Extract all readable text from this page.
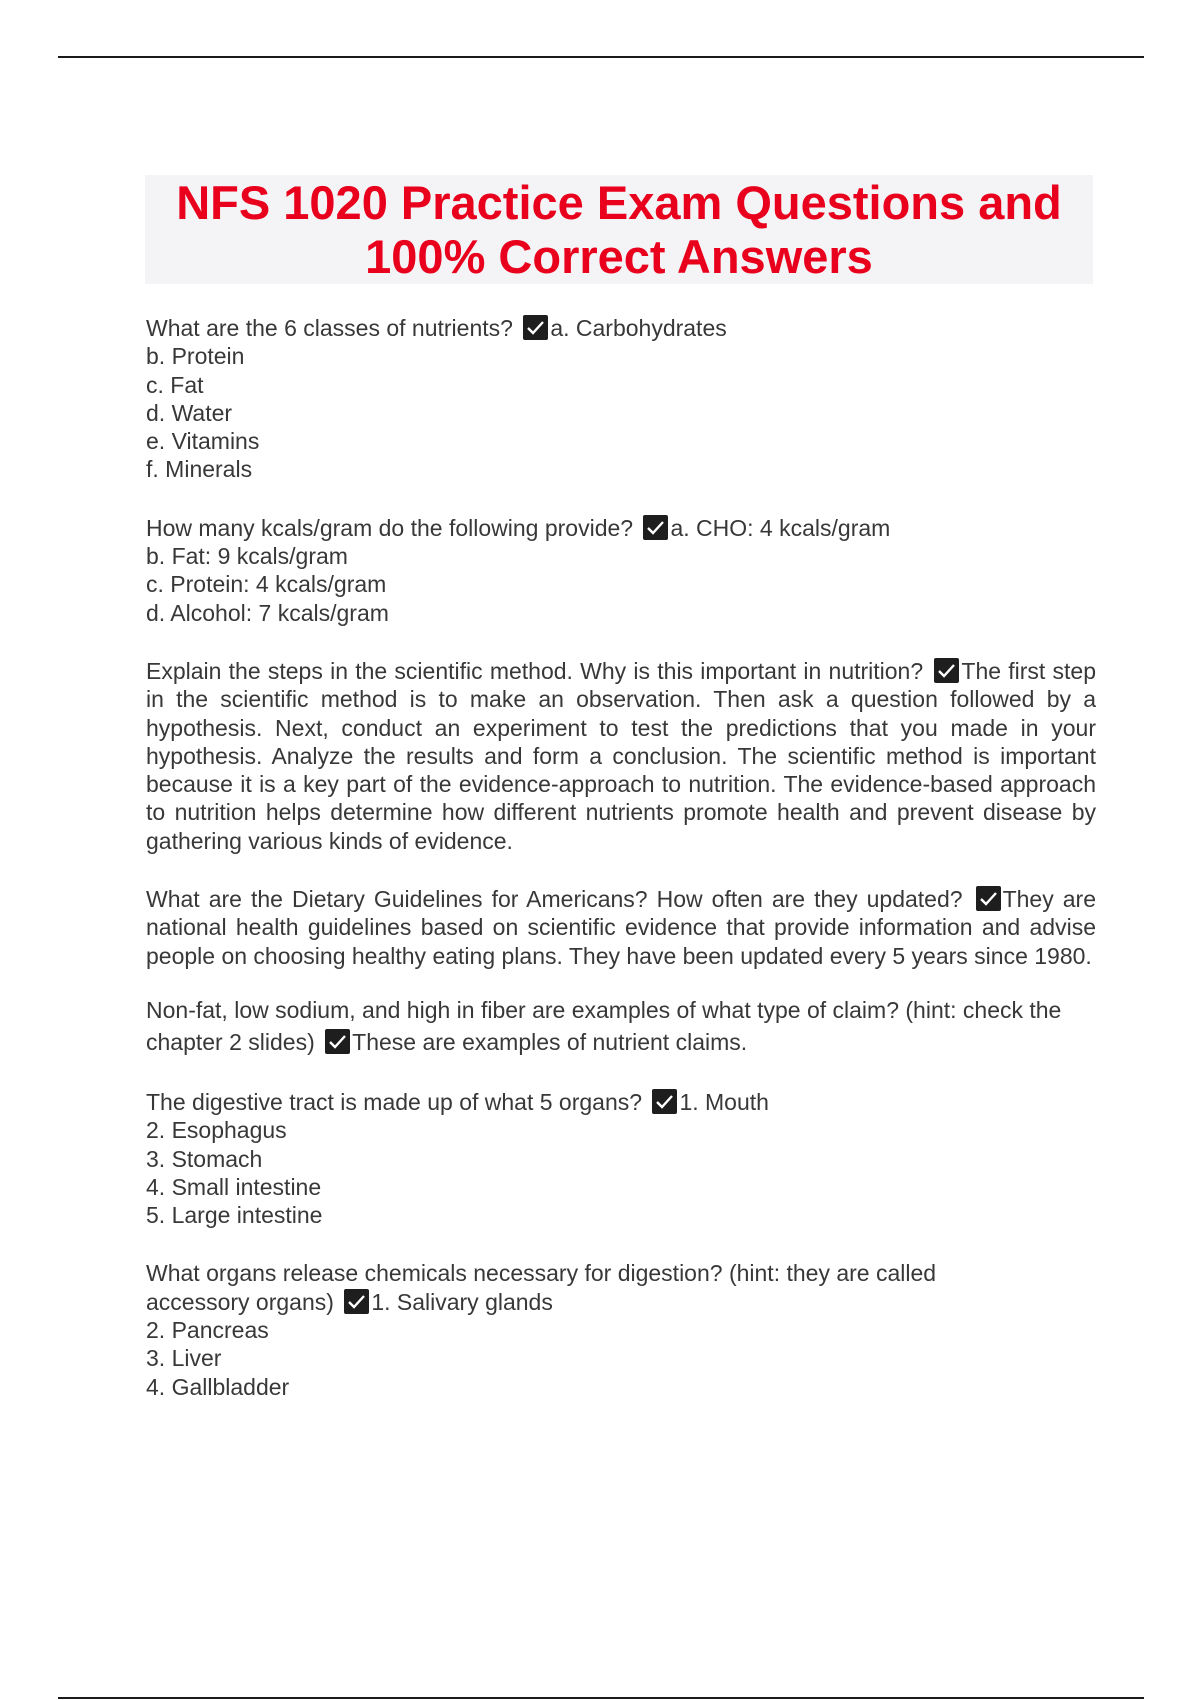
NFS 1020 Practice Exam Questions and
100% Correct Answers

What are the 6 classes of nutrients? a. Carbohydrates

b. Protein

c. Fat

d. Water

e. Vitamins

f. Minerals

How many kcals/gram do the following provide? a. CHO: 4 kcals/gram

b. Fat: 9 kcals/gram

c. Protein: 4 kcals/gram

d. Alcohol: 7 kcals/gram

Explain the steps in the scientific method. Why is this important in nutrition? The first step in the scientific method is to make an observation. Then ask a question followed by a hypothesis. Next, conduct an experiment to test the predictions that you made in your hypothesis. Analyze the results and form a conclusion. The scientific method is important because it is a key part of the evidence-approach to nutrition. The evidence-based approach to nutrition helps determine how different nutrients promote health and prevent disease by gathering various kinds of evidence.

What are the Dietary Guidelines for Americans? How often are they updated? They are national health guidelines based on scientific evidence that provide information and advise people on choosing healthy eating plans. They have been updated every 5 years since 1980.

Non-fat, low sodium, and high in fiber are examples of what type of claim? (hint: check the chapter 2 slides) These are examples of nutrient claims.

The digestive tract is made up of what 5 organs? 1. Mouth

2. Esophagus

3. Stomach

4. Small intestine

5. Large intestine

What organs release chemicals necessary for digestion? (hint: they are called accessory organs) 1. Salivary glands

2. Pancreas

3. Liver

4. Gallbladder
